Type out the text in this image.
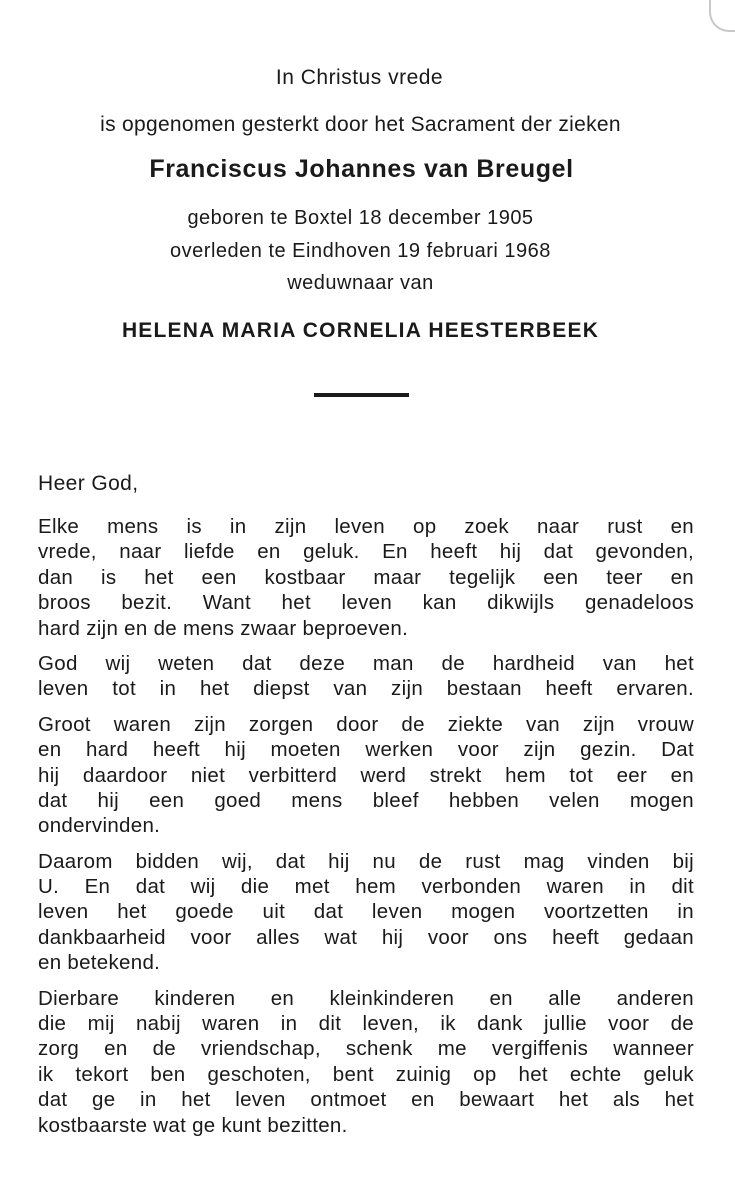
In Christus vrede
is opgenomen gesterkt door het Sacrament der zieken
Franciscus Johannes van Breugel
geboren te Boxtel 18 december 1905
overleden te Eindhoven 19 februari 1968
weduwnaar van
HELENA MARIA CORNELIA HEESTERBEEK
Heer God,
Elke mens is in zijn leven op zoek naar rust en
vrede, naar liefde en geluk. En heeft hij dat gevonden,
dan is het een kostbaar maar tegelijk een teer en
broos bezit. Want het leven kan dikwijls genadeloos
hard zijn en de mens zwaar beproeven.
God wij weten dat deze man de hardheid van het
leven tot in het diepst van zijn bestaan heeft ervaren.
Groot waren zijn zorgen door de ziekte van zijn vrouw
en hard heeft hij moeten werken voor zijn gezin. Dat
hij daardoor niet verbitterd werd strekt hem tot eer en
dat hij een goed mens bleef hebben velen mogen
ondervinden.
Daarom bidden wij, dat hij nu de rust mag vinden bij
U. En dat wij die met hem verbonden waren in dit
leven het goede uit dat leven mogen voortzetten in
dankbaarheid voor alles wat hij voor ons heeft gedaan
en betekend.
Dierbare kinderen en kleinkinderen en alle anderen
die mij nabij waren in dit leven, ik dank jullie voor de
zorg en de vriendschap, schenk me vergiffenis wanneer
ik tekort ben geschoten, bent zuinig op het echte geluk
dat ge in het leven ontmoet en bewaart het als het
kostbaarste wat ge kunt bezitten.
